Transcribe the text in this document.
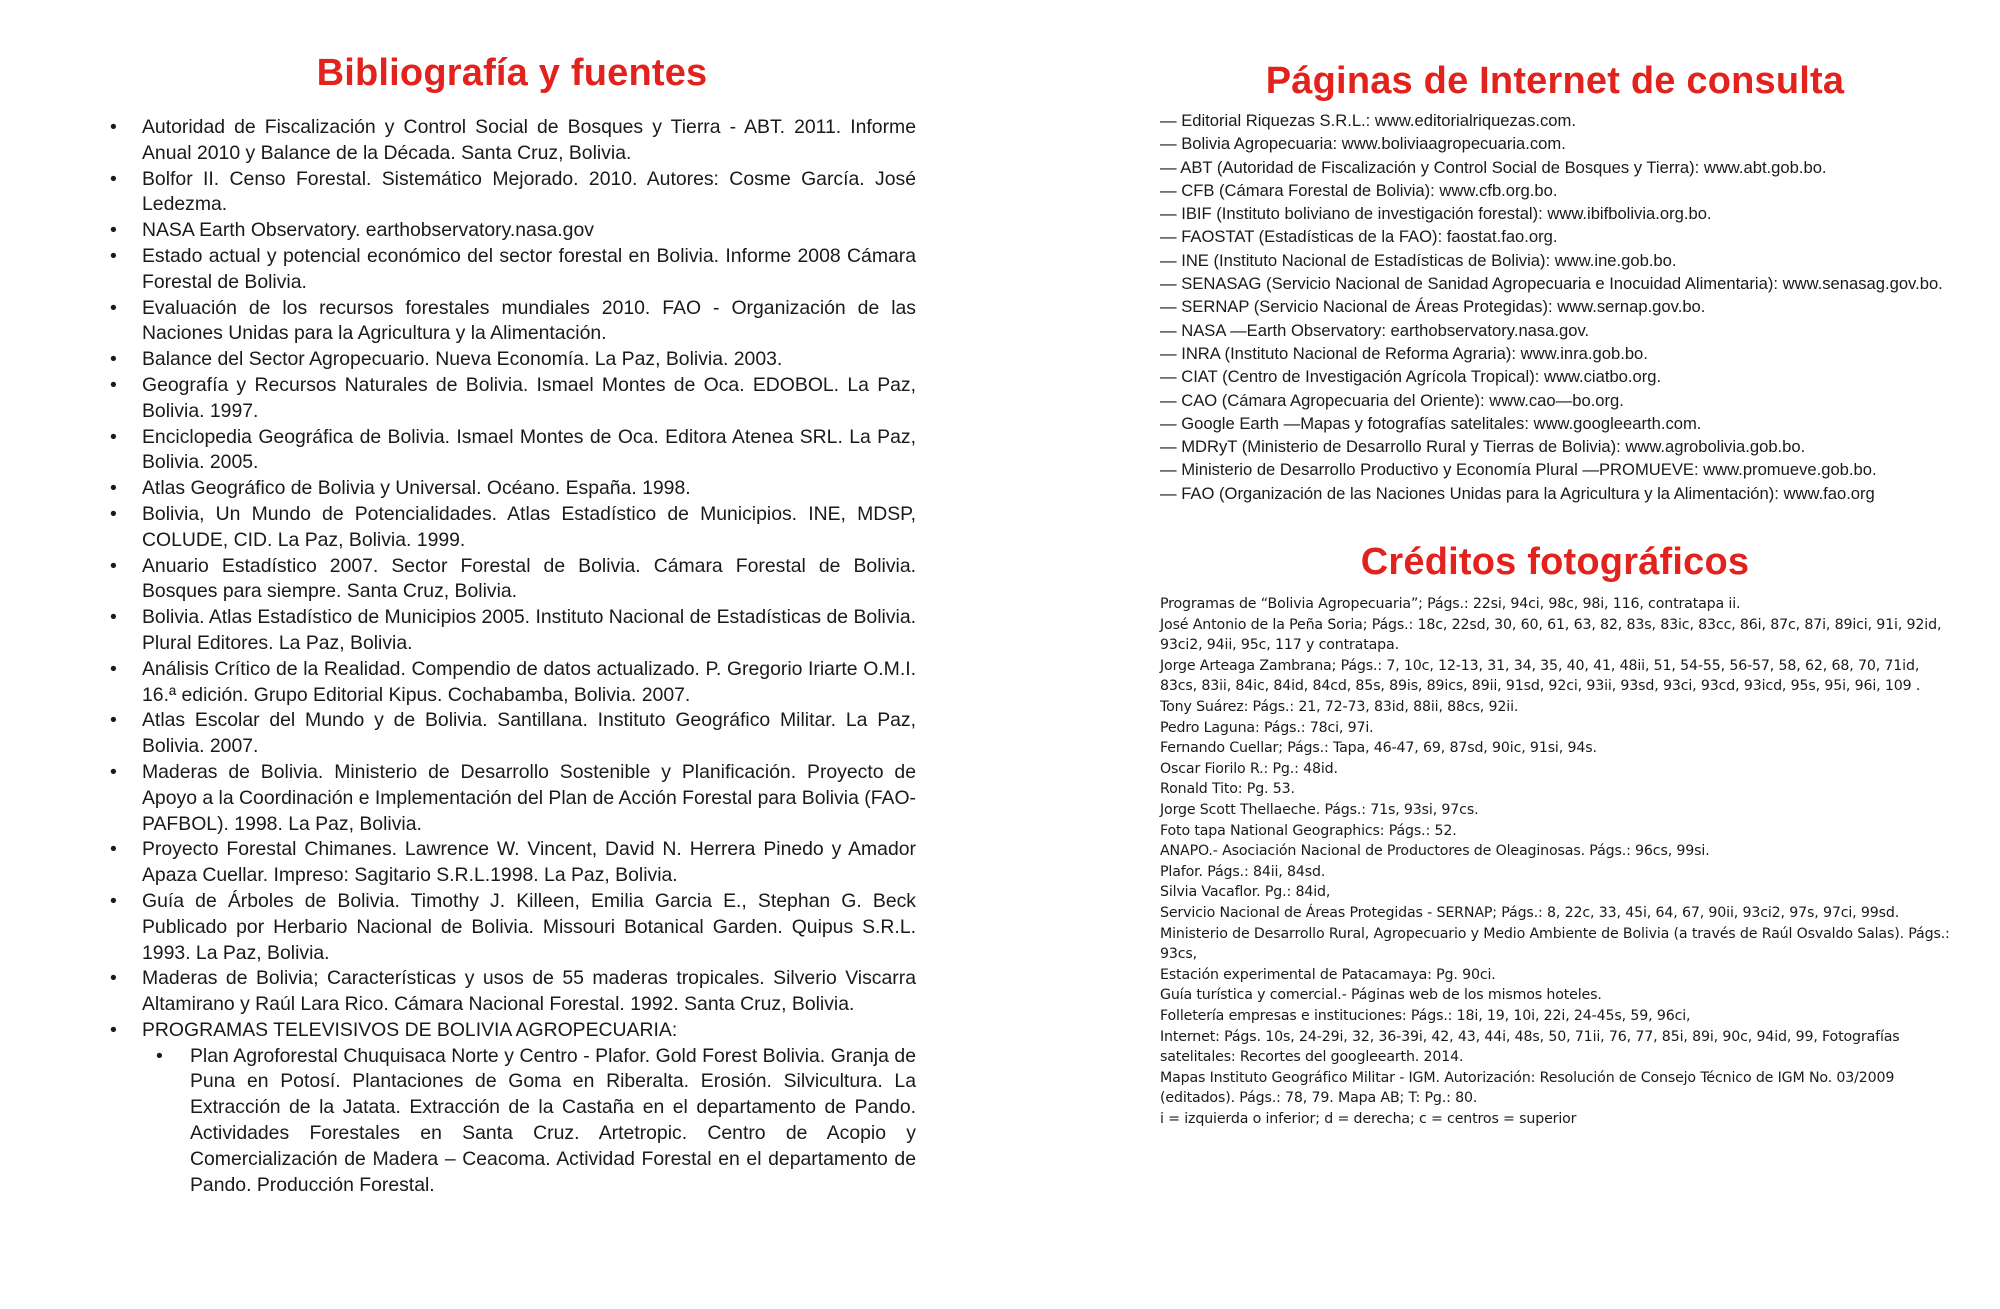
Bibliografía y fuentes
• Autoridad de Fiscalización y Control Social de Bosques y Tierra - ABT. 2011. Informe Anual 2010 y Balance de la Década. Santa Cruz, Bolivia.
• Bolfor II. Censo Forestal. Sistemático Mejorado. 2010. Autores: Cosme García. José Ledezma.
• NASA Earth Observatory. earthobservatory.nasa.gov
• Estado actual y potencial económico del sector forestal en Bolivia. Informe 2008 Cámara Forestal de Bolivia.
• Evaluación de los recursos forestales mundiales 2010. FAO - Organización de las Naciones Unidas para la Agricultura y la Alimentación.
• Balance del Sector Agropecuario. Nueva Economía. La Paz, Bolivia. 2003.
• Geografía y Recursos Naturales de Bolivia. Ismael Montes de Oca. EDOBOL. La Paz, Bolivia. 1997.
• Enciclopedia Geográfica de Bolivia. Ismael Montes de Oca. Editora Atenea SRL. La Paz, Bolivia. 2005.
• Atlas Geográfico de Bolivia y Universal. Océano. España. 1998.
• Bolivia, Un Mundo de Potencialidades. Atlas Estadístico de Municipios. INE, MDSP, COLUDE, CID. La Paz, Bolivia. 1999.
• Anuario Estadístico 2007. Sector Forestal de Bolivia. Cámara Forestal de Bolivia. Bosques para siempre. Santa Cruz, Bolivia.
• Bolivia. Atlas Estadístico de Municipios 2005. Instituto Nacional de Estadísticas de Bolivia. Plural Editores. La Paz, Bolivia.
• Análisis Crítico de la Realidad. Compendio de datos actualizado. P. Gregorio Iriarte O.M.I. 16.ª edición. Grupo Editorial Kipus. Cochabamba, Bolivia. 2007.
• Atlas Escolar del Mundo y de Bolivia. Santillana. Instituto Geográfico Militar. La Paz, Bolivia. 2007.
• Maderas de Bolivia. Ministerio de Desarrollo Sostenible y Planificación. Proyecto de Apoyo a la Coordinación e Implementación del Plan de Acción Forestal para Bolivia (FAO-PAFBOL). 1998. La Paz, Bolivia.
• Proyecto Forestal Chimanes. Lawrence W. Vincent, David N. Herrera Pinedo y Amador Apaza Cuellar. Impreso: Sagitario S.R.L.1998. La Paz, Bolivia.
• Guía de Árboles de Bolivia. Timothy J. Killeen, Emilia Garcia E., Stephan G. Beck Publicado por Herbario Nacional de Bolivia. Missouri Botanical Garden. Quipus S.R.L. 1993. La Paz, Bolivia.
• Maderas de Bolivia; Características y usos de 55 maderas tropicales. Silverio Viscarra Altamirano y Raúl Lara Rico. Cámara Nacional Forestal. 1992. Santa Cruz, Bolivia.
• PROGRAMAS TELEVISIVOS DE BOLIVIA AGROPECUARIA:
• Plan Agroforestal Chuquisaca Norte y Centro - Plafor. Gold Forest Bolivia. Granja de Puna en Potosí. Plantaciones de Goma en Riberalta. Erosión. Silvicultura. La Extracción de la Jatata. Extracción de la Castaña en el departamento de Pando. Actividades Forestales en Santa Cruz. Artetropic. Centro de Acopio y Comercialización de Madera – Ceacoma. Actividad Forestal en el departamento de Pando. Producción Forestal.
Páginas de Internet de consulta
— Editorial Riquezas S.R.L.: www.editorialriquezas.com.
— Bolivia Agropecuaria: www.boliviaagropecuaria.com.
— ABT (Autoridad de Fiscalización y Control Social de Bosques y Tierra): www.abt.gob.bo.
— CFB (Cámara Forestal de Bolivia): www.cfb.org.bo.
— IBIF (Instituto boliviano de investigación forestal): www.ibifbolivia.org.bo.
— FAOSTAT (Estadísticas de la FAO): faostat.fao.org.
— INE (Instituto Nacional de Estadísticas de Bolivia): www.ine.gob.bo.
— SENASAG (Servicio Nacional de Sanidad Agropecuaria e Inocuidad Alimentaria): www.senasag.gov.bo.
— SERNAP (Servicio Nacional de Áreas Protegidas): www.sernap.gov.bo.
— NASA —Earth Observatory: earthobservatory.nasa.gov.
— INRA (Instituto Nacional de Reforma Agraria): www.inra.gob.bo.
— CIAT (Centro de Investigación Agrícola Tropical): www.ciatbo.org.
— CAO (Cámara Agropecuaria del Oriente): www.cao—bo.org.
— Google Earth —Mapas y fotografías satelitales: www.googleearth.com.
— MDRyT (Ministerio de Desarrollo Rural y Tierras de Bolivia): www.agrobolivia.gob.bo.
— Ministerio de Desarrollo Productivo y Economía Plural —PROMUEVE: www.promueve.gob.bo.
— FAO (Organización de las Naciones Unidas para la Agricultura y la Alimentación): www.fao.org
Créditos fotográficos
Programas de “Bolivia Agropecuaria”; Págs.: 22si, 94ci, 98c, 98i, 116, contratapa ii.
José Antonio de la Peña Soria; Págs.: 18c, 22sd, 30, 60, 61, 63, 82, 83s, 83ic, 83cc, 86i, 87c, 87i, 89ici, 91i, 92id, 93ci2, 94ii, 95c, 117 y contratapa.
Jorge Arteaga Zambrana; Págs.: 7, 10c, 12-13, 31, 34, 35, 40, 41, 48ii, 51, 54-55, 56-57, 58, 62, 68, 70, 71id, 83cs, 83ii, 84ic, 84id, 84cd, 85s, 89is, 89ics, 89ii, 91sd, 92ci, 93ii, 93sd, 93ci, 93cd, 93icd, 95s, 95i, 96i, 109 .
Tony Suárez: Págs.: 21, 72-73, 83id, 88ii, 88cs, 92ii.
Pedro Laguna: Págs.: 78ci, 97i.
Fernando Cuellar; Págs.: Tapa, 46-47, 69, 87sd, 90ic, 91si, 94s.
Oscar Fiorilo R.: Pg.: 48id.
Ronald Tito: Pg. 53.
Jorge Scott Thellaeche. Págs.: 71s, 93si, 97cs.
Foto tapa National Geographics: Págs.: 52.
ANAPO.- Asociación Nacional de Productores de Oleaginosas. Págs.: 96cs, 99si.
Plafor. Págs.: 84ii, 84sd.
Silvia Vacaflor. Pg.: 84id,
Servicio Nacional de Áreas Protegidas - SERNAP; Págs.: 8, 22c, 33, 45i, 64, 67, 90ii, 93ci2, 97s, 97ci, 99sd.
Ministerio de Desarrollo Rural, Agropecuario y Medio Ambiente de Bolivia (a través de Raúl Osvaldo Salas). Págs.: 93cs,
Estación experimental de Patacamaya: Pg. 90ci.
Guía turística y comercial.- Páginas web de los mismos hoteles.
Folletería empresas e instituciones: Págs.: 18i, 19, 10i, 22i, 24-45s, 59, 96ci,
Internet: Págs. 10s, 24-29i, 32, 36-39i, 42, 43, 44i, 48s, 50, 71ii, 76, 77, 85i, 89i, 90c, 94id, 99, Fotografías satelitales: Recortes del googleearth. 2014.
Mapas Instituto Geográfico Militar - IGM. Autorización: Resolución de Consejo Técnico de IGM No. 03/2009 (editados). Págs.: 78, 79. Mapa AB; T: Pg.: 80.
i = izquierda o inferior; d = derecha; c = centros = superior
